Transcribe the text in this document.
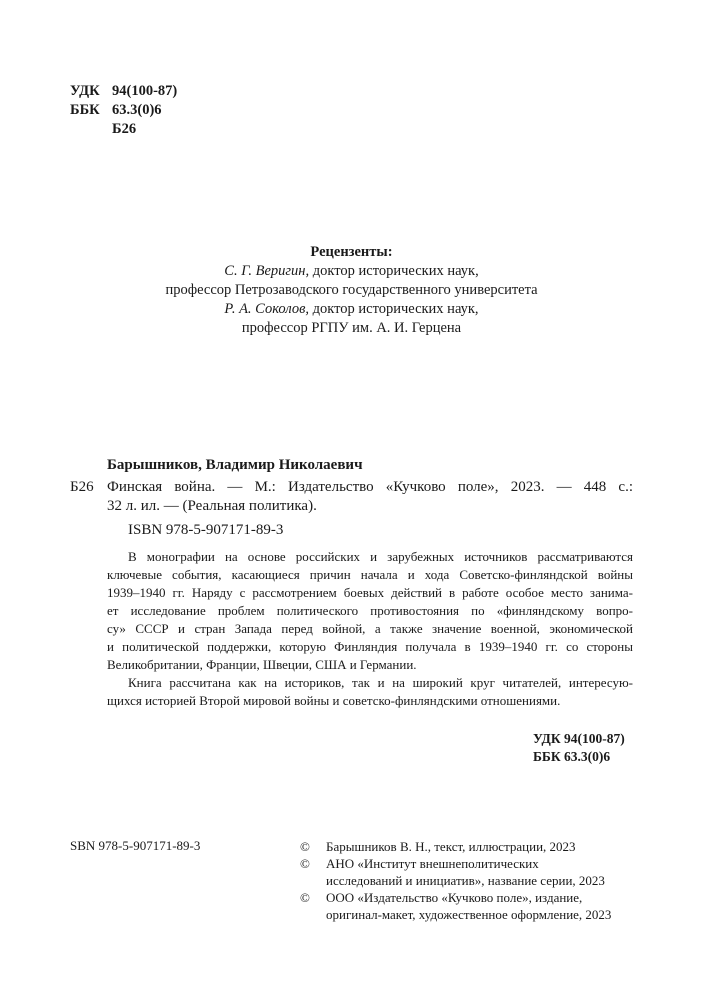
УДК 94(100-87)
ББК 63.3(0)6
Б26
Рецензенты:
С. Г. Веригин, доктор исторических наук,
профессор Петрозаводского государственного университета
Р. А. Соколов, доктор исторических наук,
профессор РГПУ им. А. И. Герцена
Барышников, Владимир Николаевич
Б26 Финская война. — М.: Издательство «Кучково поле», 2023. — 448 с.:
32 л. ил. — (Реальная политика).
ISBN 978-5-907171-89-3
В монографии на основе российских и зарубежных источников рассматриваются
ключевые события, касающиеся причин начала и хода Советско-финляндской войны
1939–1940 гг. Наряду с рассмотрением боевых действий в работе особое место занима-
ет исследование проблем политического противостояния по «финляндскому вопро-
су» СССР и стран Запада перед войной, а также значение военной, экономической
и политической поддержки, которую Финляндия получала в 1939–1940 гг. со стороны
Великобритании, Франции, Швеции, США и Германии.
Книга рассчитана как на историков, так и на широкий круг читателей, интересую-
щихся историей Второй мировой войны и советско-финляндскими отношениями.
УДК 94(100-87)
ББК 63.3(0)6
SBN 978-5-907171-89-3	©	Барышников В. Н., текст, иллюстрации, 2023
©	АНО «Институт внешнеполитических
исследований и инициатив», название серии, 2023
©	ООО «Издательство «Кучково поле», издание,
оригинал-макет, художественное оформление, 2023
